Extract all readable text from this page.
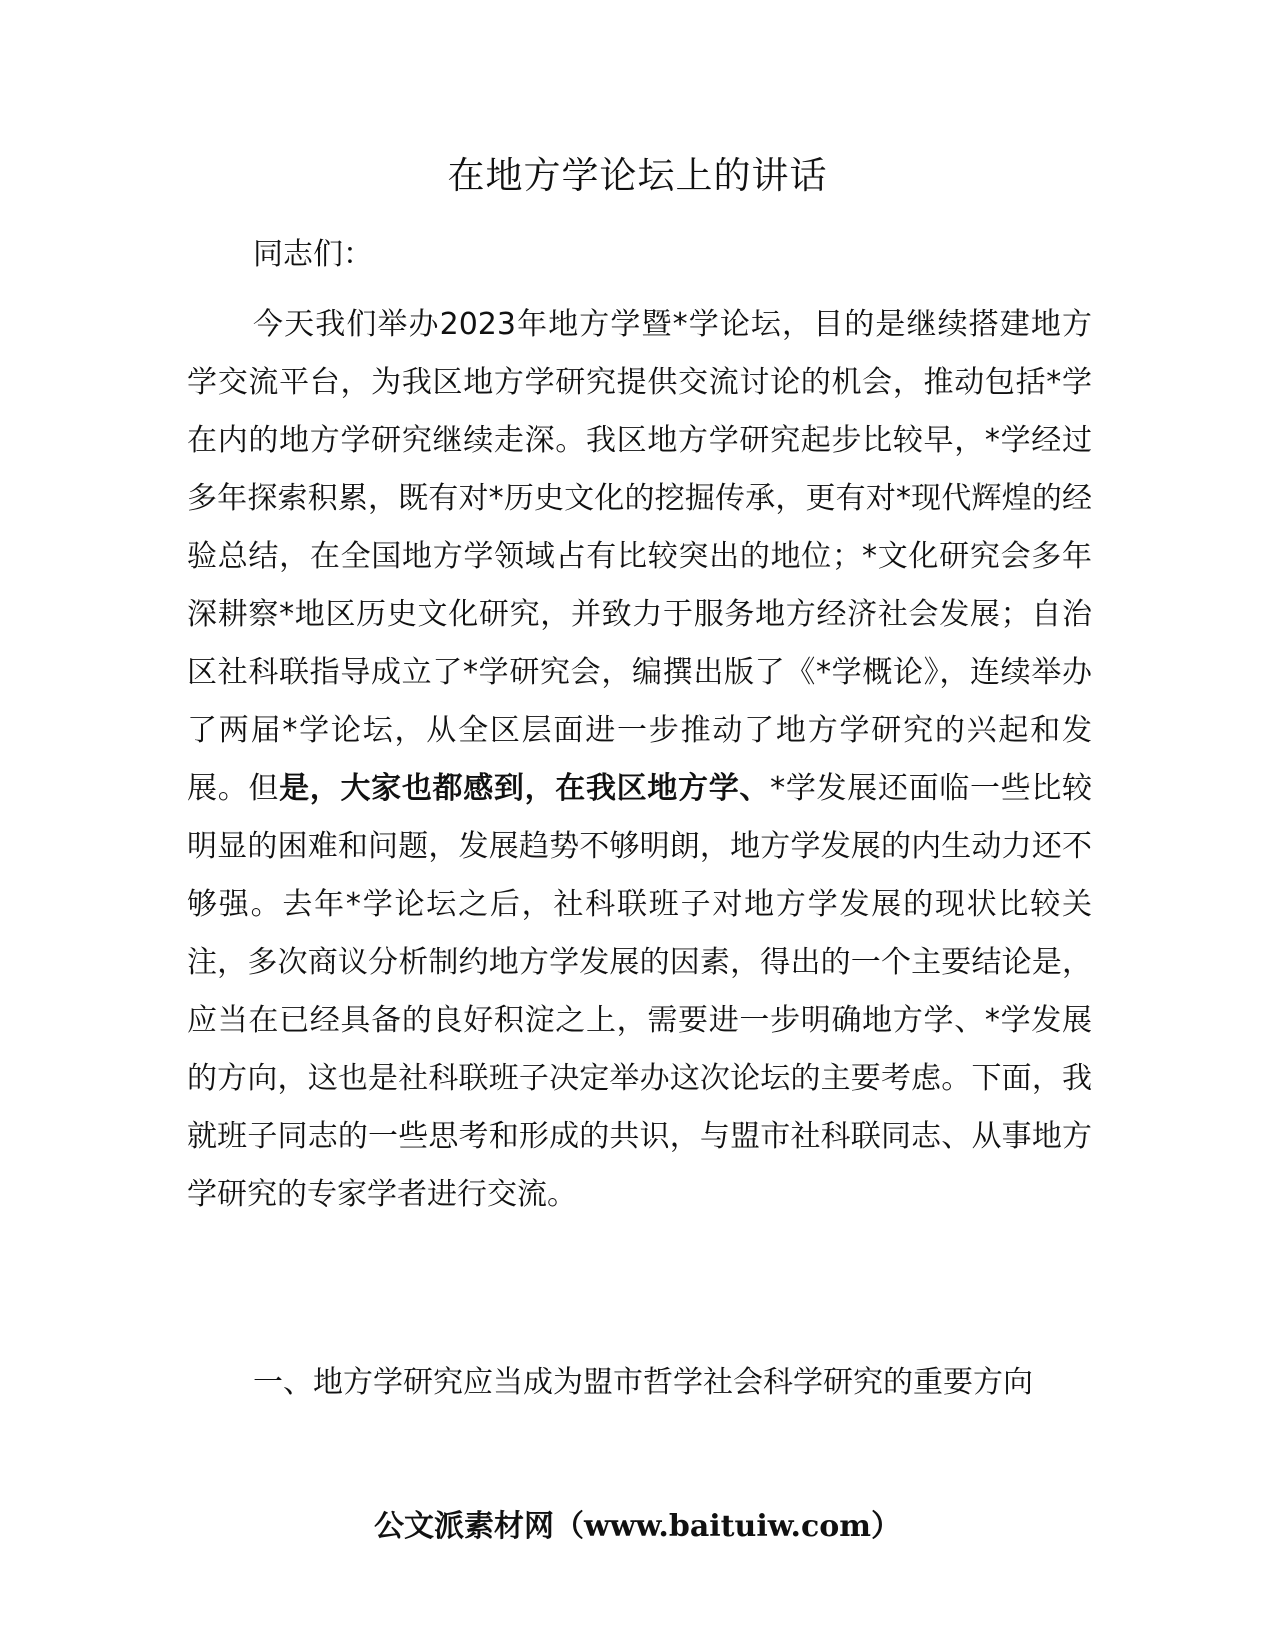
在地方学论坛上的讲话

同志们：

今天我们举办2023年地方学暨*学论坛，目的是继续搭建地方学交流平台，为我区地方学研究提供交流讨论的机会，推动包括*学在内的地方学研究继续走深。我区地方学研究起步比较早，*学经过多年探索积累，既有对*历史文化的挖掘传承，更有对*现代辉煌的经验总结，在全国地方学领域占有比较突出的地位；*文化研究会多年深耕察*地区历史文化研究，并致力于服务地方经济社会发展；自治区社科联指导成立了*学研究会，编撰出版了《*学概论》，连续举办了两届*学论坛，从全区层面进一步推动了地方学研究的兴起和发展。但是，大家也都感到，在我区地方学、*学发展还面临一些比较明显的困难和问题，发展趋势不够明朗，地方学发展的内生动力还不够强。去年*学论坛之后，社科联班子对地方学发展的现状比较关注，多次商议分析制约地方学发展的因素，得出的一个主要结论是，应当在已经具备的良好积淀之上，需要进一步明确地方学、*学发展的方向，这也是社科联班子决定举办这次论坛的主要考虑。下面，我就班子同志的一些思考和形成的共识，与盟市社科联同志、从事地方学研究的专家学者进行交流。

一、地方学研究应当成为盟市哲学社会科学研究的重要方向

公文派素材网（www.baituiw.com）
